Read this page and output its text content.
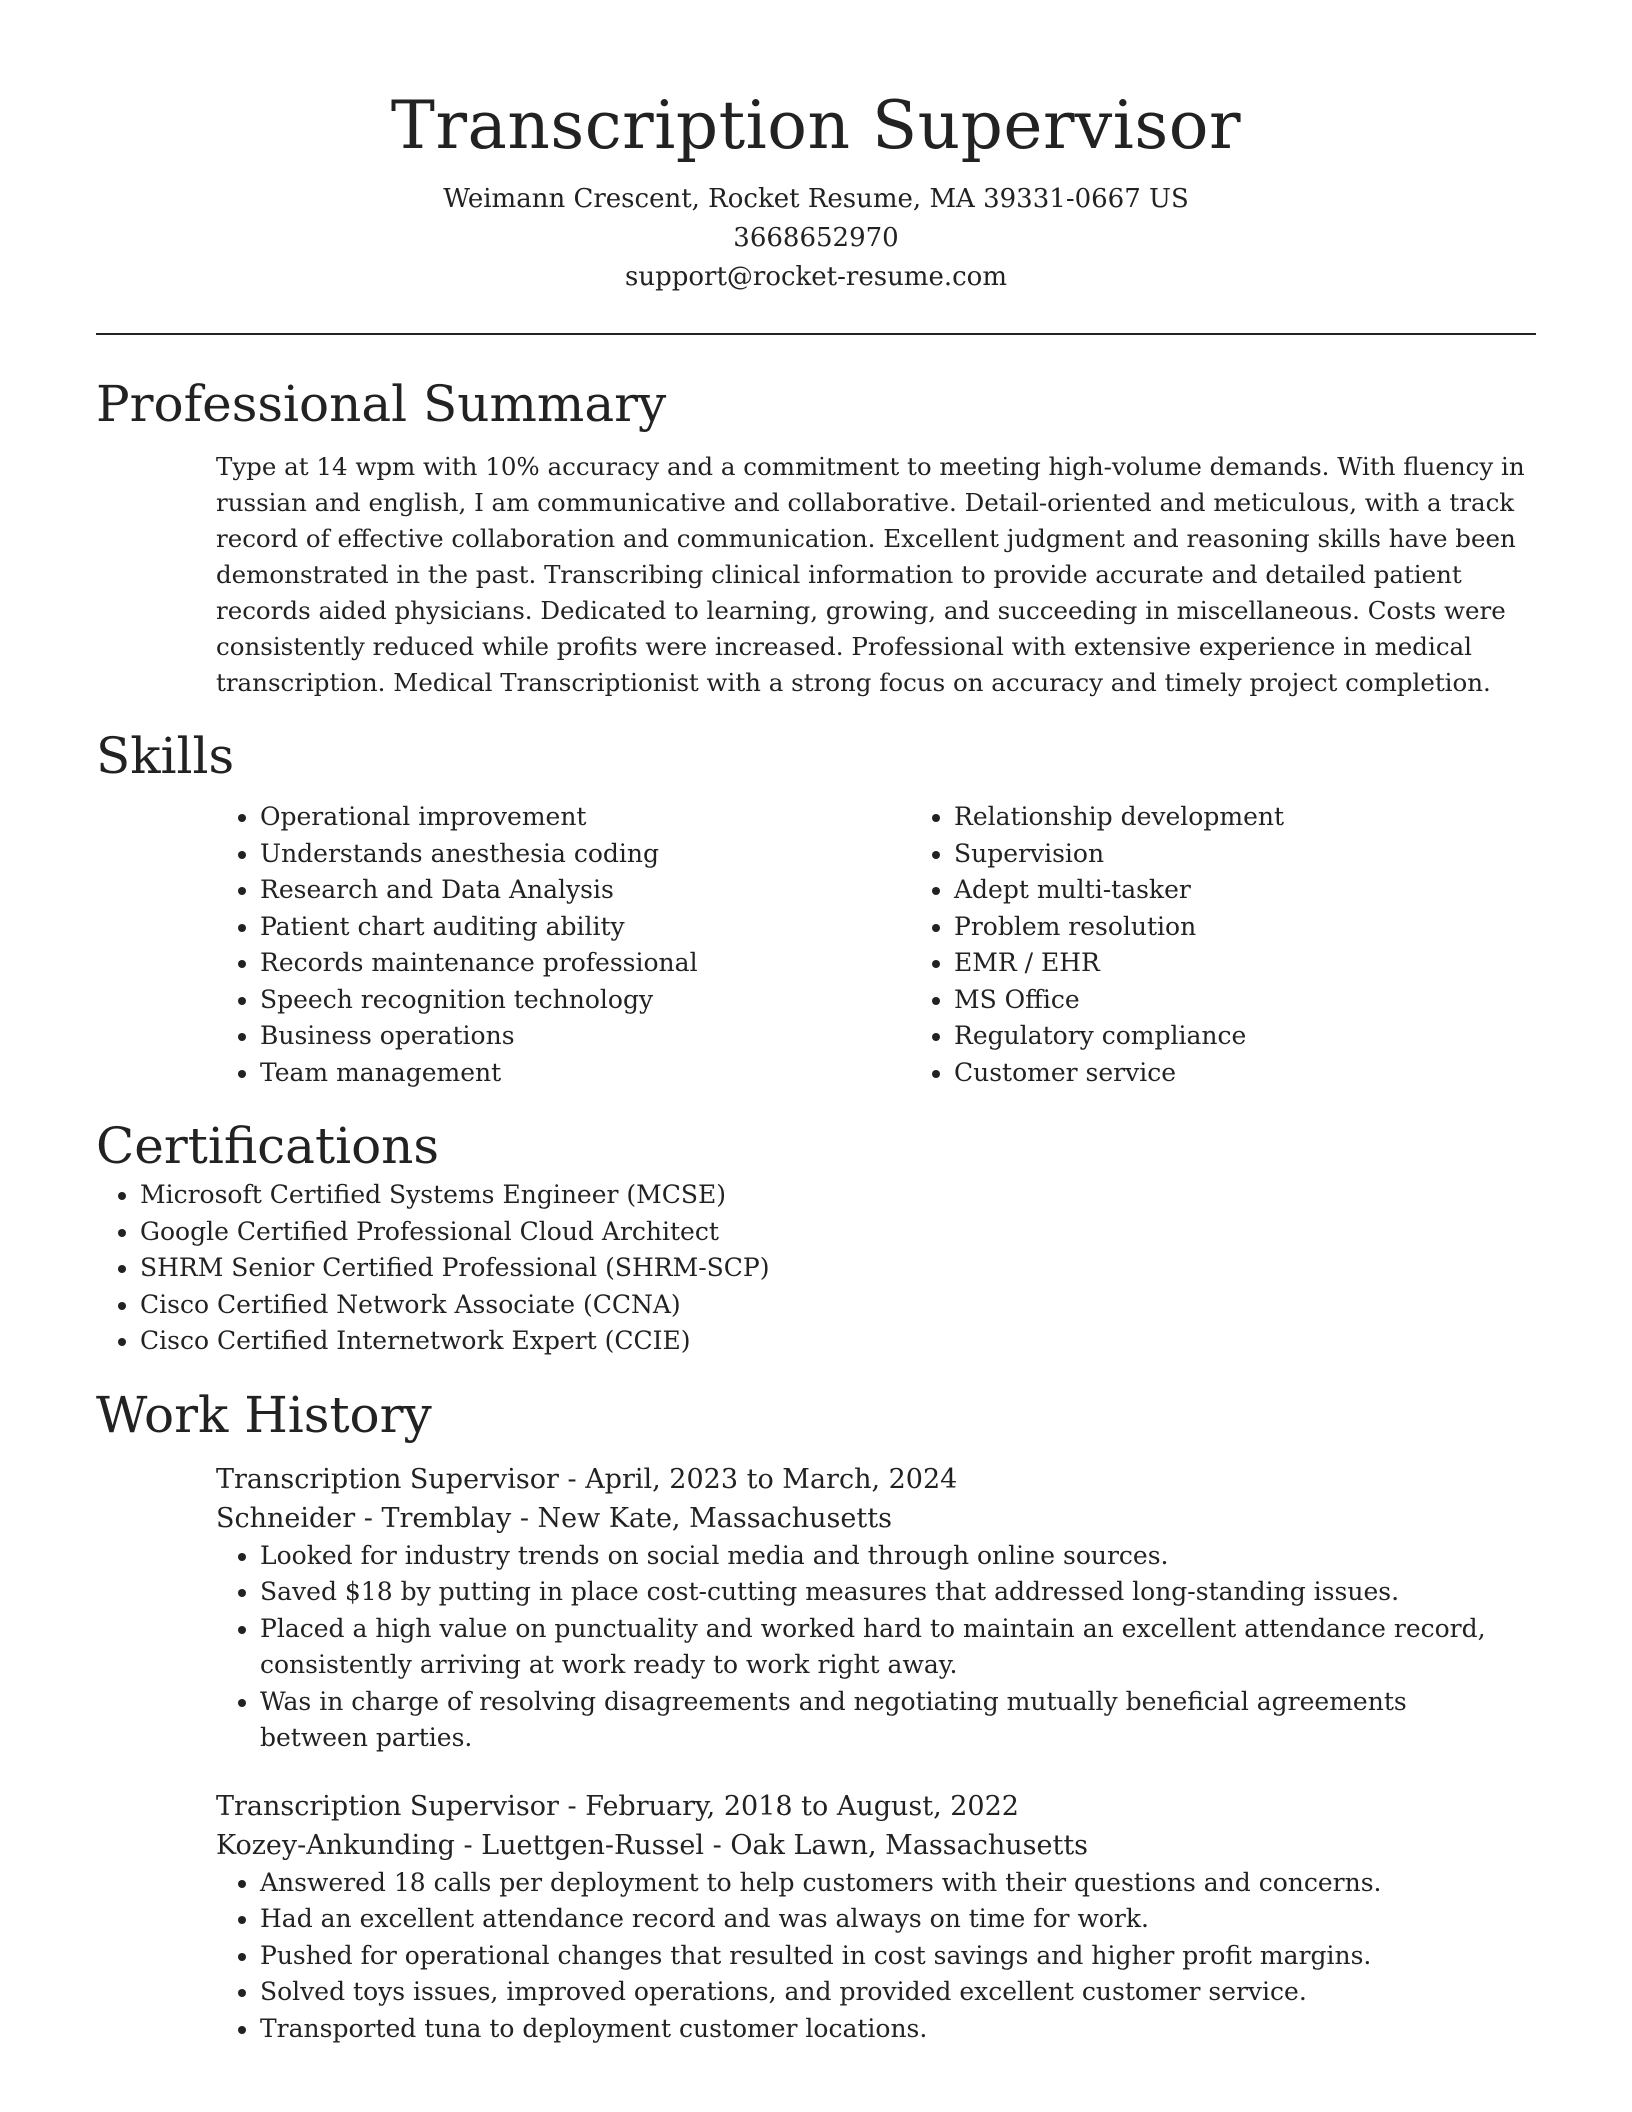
Transcription Supervisor
Weimann Crescent, Rocket Resume, MA 39331-0667 US
3668652970
support@rocket-resume.com
Professional Summary

Type at 14 wpm with 10% accuracy and a commitment to meeting high-volume demands. With fluency in russian and english, I am communicative and collaborative. Detail-oriented and meticulous, with a track record of effective collaboration and communication. Excellent judgment and reasoning skills have been demonstrated in the past. Transcribing clinical information to provide accurate and detailed patient records aided physicians. Dedicated to learning, growing, and succeeding in miscellaneous. Costs were consistently reduced while profits were increased. Professional with extensive experience in medical transcription. Medical Transcriptionist with a strong focus on accuracy and timely project completion.

Skills
• Operational improvement
• Understands anesthesia coding
• Research and Data Analysis
• Patient chart auditing ability
• Records maintenance professional
• Speech recognition technology
• Business operations
• Team management
• Relationship development
• Supervision
• Adept multi-tasker
• Problem resolution
• EMR / EHR
• MS Office
• Regulatory compliance
• Customer service
Certifications
• Microsoft Certified Systems Engineer (MCSE)
• Google Certified Professional Cloud Architect
• SHRM Senior Certified Professional (SHRM-SCP)
• Cisco Certified Network Associate (CCNA)
• Cisco Certified Internetwork Expert (CCIE)
Work History
Transcription Supervisor - April, 2023 to March, 2024
Schneider - Tremblay - New Kate, Massachusetts
• Looked for industry trends on social media and through online sources.
• Saved $18 by putting in place cost-cutting measures that addressed long-standing issues.
• Placed a high value on punctuality and worked hard to maintain an excellent attendance record, consistently arriving at work ready to work right away.
• Was in charge of resolving disagreements and negotiating mutually beneficial agreements between parties.
Transcription Supervisor - February, 2018 to August, 2022
Kozey-Ankunding - Luettgen-Russel - Oak Lawn, Massachusetts
• Answered 18 calls per deployment to help customers with their questions and concerns.
• Had an excellent attendance record and was always on time for work.
• Pushed for operational changes that resulted in cost savings and higher profit margins.
• Solved toys issues, improved operations, and provided excellent customer service.
• Transported tuna to deployment customer locations.
